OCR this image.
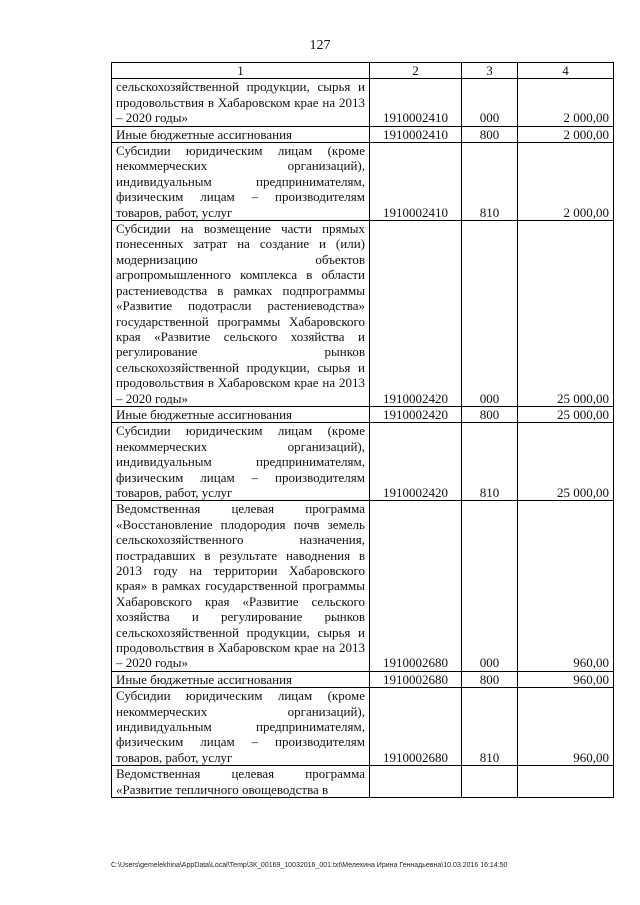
127
1	2	3	4
сельскохозяйственной продукции, сырья и продовольствия в Хабаровском крае на 2013 – 2020 годы»	1910002410	000	2 000,00
Иные бюджетные ассигнования	1910002410	800	2 000,00
Субсидии юридическим лицам (кроме некоммерческих организаций), индивидуальным предпринимателям, физическим лицам – производителям товаров, работ, услуг	1910002410	810	2 000,00
Субсидии на возмещение части прямых понесенных затрат на создание и (или) модернизацию объектов агропромышленного комплекса в области растениеводства в рамках подпрограммы «Развитие подотрасли растениеводства» государственной программы Хабаровского края «Развитие сельского хозяйства и регулирование рынков сельскохозяйственной продукции, сырья и продовольствия в Хабаровском крае на 2013 – 2020 годы»	1910002420	000	25 000,00
Иные бюджетные ассигнования	1910002420	800	25 000,00
Субсидии юридическим лицам (кроме некоммерческих организаций), индивидуальным предпринимателям, физическим лицам – производителям товаров, работ, услуг	1910002420	810	25 000,00
Ведомственная целевая программа «Восстановление плодородия почв земель сельскохозяйственного назначения, пострадавших в результате наводнения в 2013 году на территории Хабаровского края» в рамках государственной программы Хабаровского края «Развитие сельского хозяйства и регулирование рынков сельскохозяйственной продукции, сырья и продовольствия в Хабаровском крае на 2013 – 2020 годы»	1910002680	000	960,00
Иные бюджетные ассигнования	1910002680	800	960,00
Субсидии юридическим лицам (кроме некоммерческих организаций), индивидуальным предпринимателям, физическим лицам – производителям товаров, работ, услуг	1910002680	810	960,00
Ведомственная целевая программа «Развитие тепличного овощеводства в			
C:\Users\gemelekhina\AppData\Local\Temp\ЗК_00169_10032016_001.txt\Мелехина Ирина Геннадьевна\10.03.2016 16:14:50
